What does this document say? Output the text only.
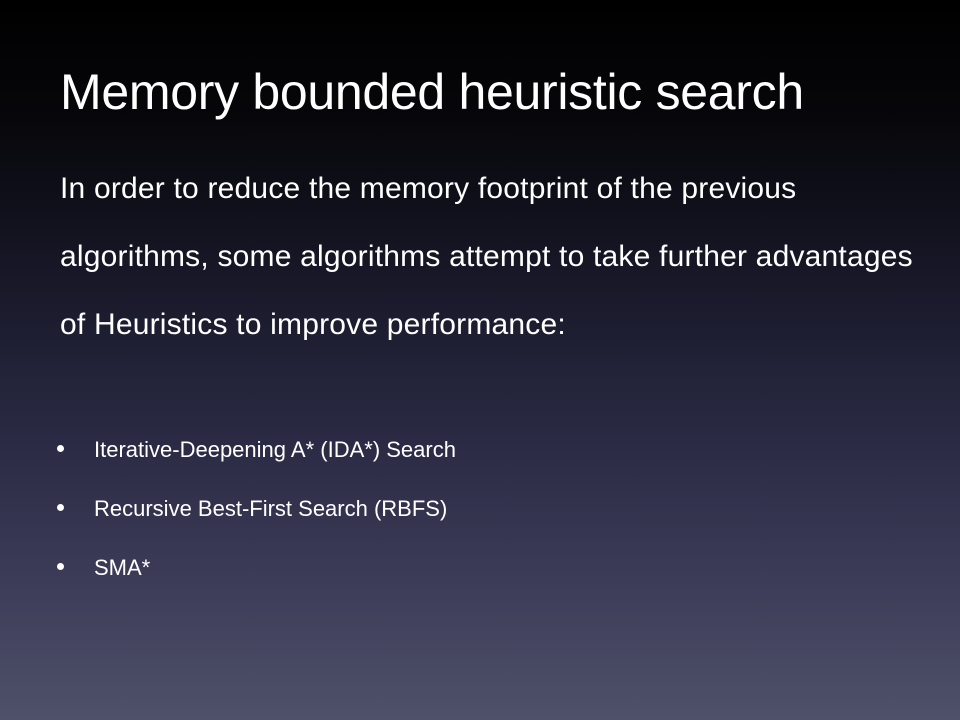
Memory bounded heuristic search

In order to reduce the memory footprint of the previous algorithms, some algorithms attempt to take further advantages of Heuristics to improve performance:

Iterative-Deepening A* (IDA*) Search
Recursive Best-First Search (RBFS)
SMA*
